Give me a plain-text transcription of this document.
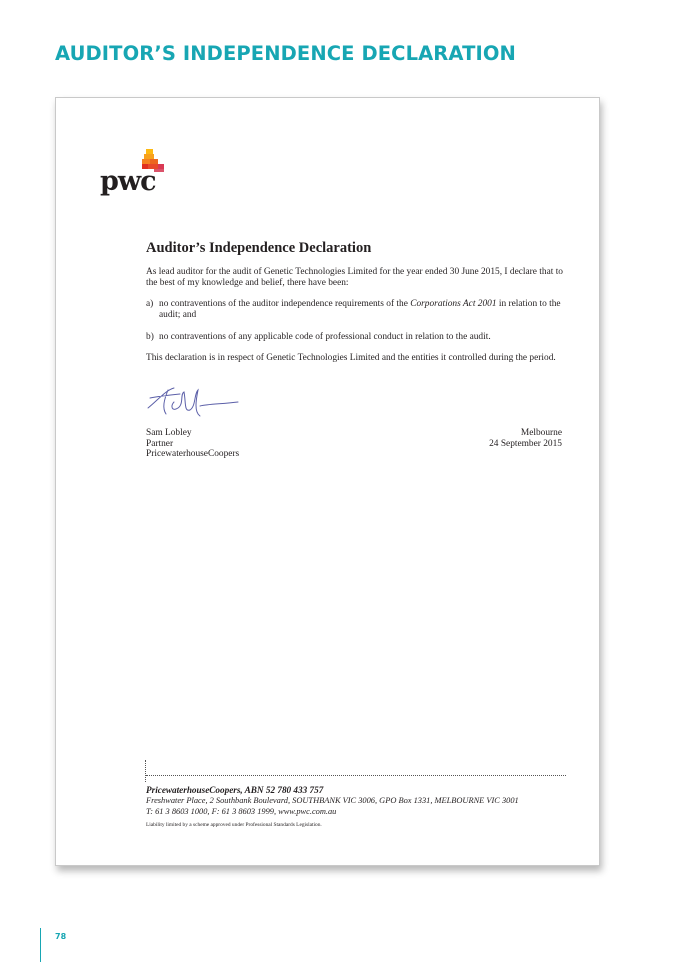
AUDITOR’S INDEPENDENCE DECLARATION
pwc
Auditor’s Independence Declaration
As lead auditor for the audit of Genetic Technologies Limited for the year ended 30 June 2015, I declare that to the best of my knowledge and belief, there have been:
a) no contraventions of the auditor independence requirements of the Corporations Act 2001 in relation to the audit; and
b) no contraventions of any applicable code of professional conduct in relation to the audit.
This declaration is in respect of Genetic Technologies Limited and the entities it controlled during the period.
Sam Lobley
Partner
PricewaterhouseCoopers
Melbourne
24 September 2015
PricewaterhouseCoopers, ABN 52 780 433 757
Freshwater Place, 2 Southbank Boulevard, SOUTHBANK VIC 3006, GPO Box 1331, MELBOURNE VIC 3001
T: 61 3 8603 1000, F: 61 3 8603 1999, www.pwc.com.au
Liability limited by a scheme approved under Professional Standards Legislation.
78
